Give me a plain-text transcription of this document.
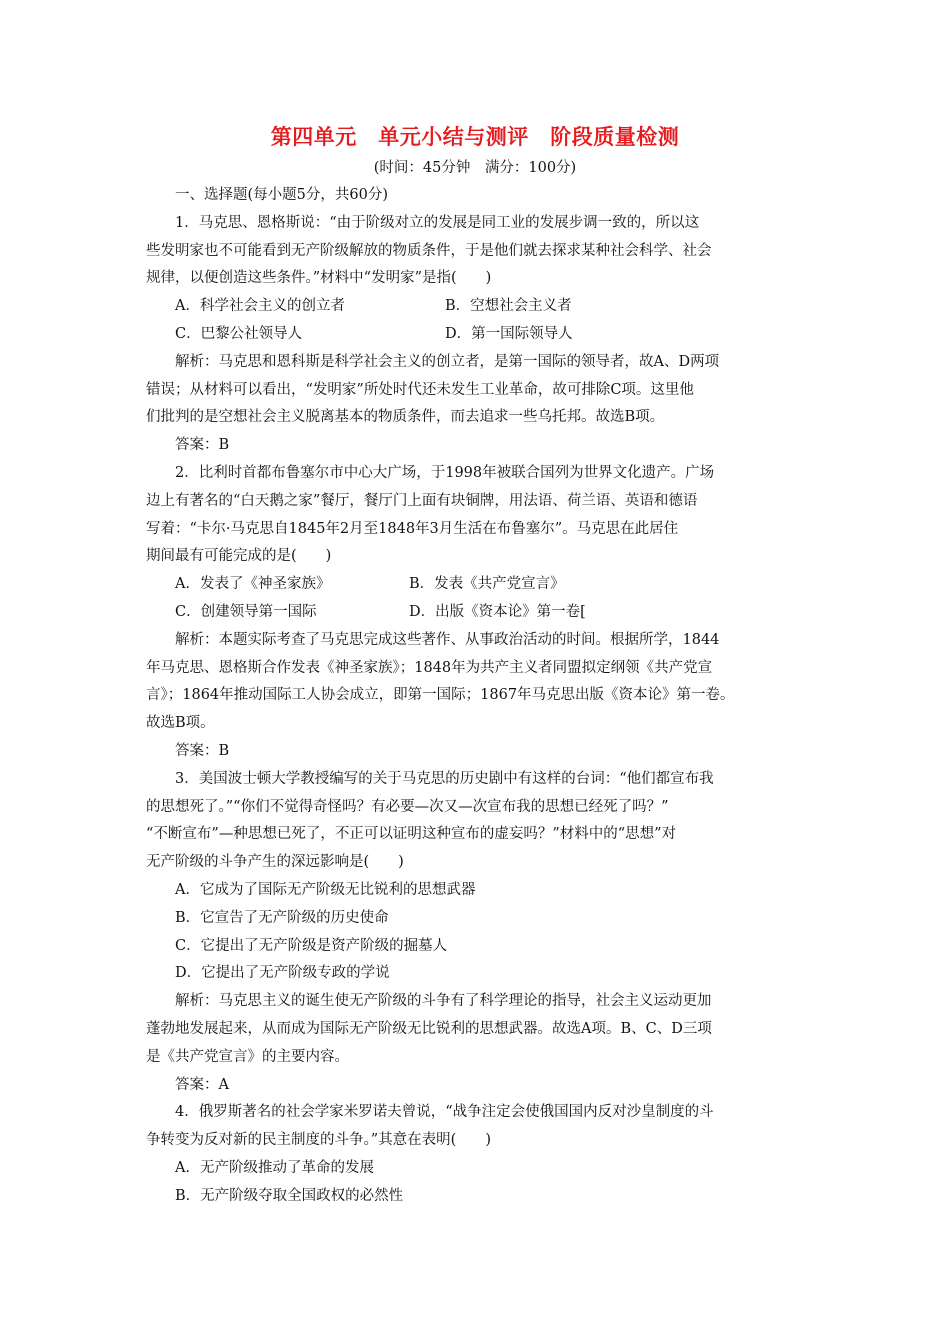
第四单元　单元小结与测评　阶段质量检测
(时间：45分钟　满分：100分)
一、选择题(每小题5分，共60分)
1．马克思、恩格斯说：“由于阶级对立的发展是同工业的发展步调一致的，所以这
些发明家也不可能看到无产阶级解放的物质条件，于是他们就去探求某种社会科学、社会
规律，以便创造这些条件。”材料中“发明家”是指(　　)
A．科学社会主义的创立者	B．空想社会主义者
C．巴黎公社领导人	D．第一国际领导人
解析：马克思和恩科斯是科学社会主义的创立者，是第一国际的领导者，故A、D两项
错误；从材料可以看出，“发明家”所处时代还未发生工业革命，故可排除C项。这里他
们批判的是空想社会主义脱离基本的物质条件，而去追求一些乌托邦。故选B项。
答案：B
2．比利时首都布鲁塞尔市中心大广场，于1998年被联合国列为世界文化遗产。广场
边上有著名的“白天鹅之家”餐厅，餐厅门上面有块铜牌，用法语、荷兰语、英语和德语
写着：“卡尔·马克思自1845年2月至1848年3月生活在布鲁塞尔”。马克思在此居住
期间最有可能完成的是(　　)
A．发表了《神圣家族》	B．发表《共产党宣言》
C．创建领导第一国际	D．出版《资本论》第一卷[
解析：本题实际考查了马克思完成这些著作、从事政治活动的时间。根据所学，1844
年马克思、恩格斯合作发表《神圣家族》；1848年为共产主义者同盟拟定纲领《共产党宣
言》；1864年推动国际工人协会成立，即第一国际；1867年马克思出版《资本论》第一卷。
故选B项。
答案：B
3．美国波士顿大学教授编写的关于马克思的历史剧中有这样的台词：“他们都宣布我
的思想死了。”“你们不觉得奇怪吗？有必要—次又—次宣布我的思想已经死了吗？”
“不断宣布”—种思想已死了，不正可以证明这种宣布的虚妄吗？”材料中的“思想”对
无产阶级的斗争产生的深远影响是(　　)
A．它成为了国际无产阶级无比锐利的思想武器
B．它宣告了无产阶级的历史使命
C．它提出了无产阶级是资产阶级的掘墓人
D．它提出了无产阶级专政的学说
解析：马克思主义的诞生使无产阶级的斗争有了科学理论的指导，社会主义运动更加
蓬勃地发展起来，从而成为国际无产阶级无比锐利的思想武器。故选A项。B、C、D三项
是《共产党宣言》的主要内容。
答案：A
4．俄罗斯著名的社会学家米罗诺夫曾说，“战争注定会使俄国国内反对沙皇制度的斗
争转变为反对新的民主制度的斗争。”其意在表明(　　)
A．无产阶级推动了革命的发展
B．无产阶级夺取全国政权的必然性
